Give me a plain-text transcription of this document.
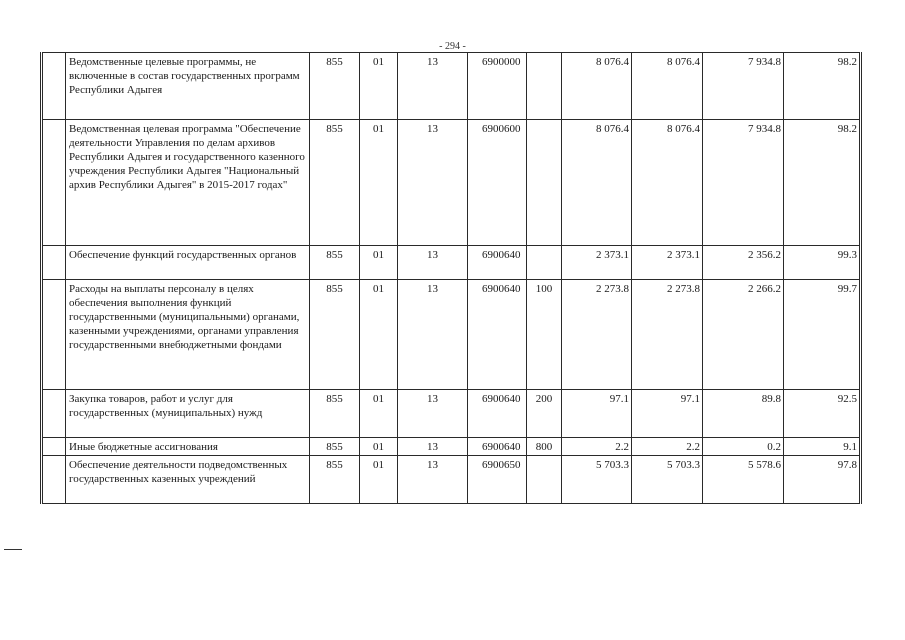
- 294 -
	Ведомственные целевые программы, не включенные в состав государственных программ Республики Адыгея	855	01	13	6900000		8 076.4	8 076.4	7 934.8	98.2
	Ведомственная целевая программа "Обеспечение деятельности Управления по делам архивов Республики Адыгея и государственного казенного учреждения Республики Адыгея "Национальный архив Республики Адыгея" в 2015-2017 годах"	855	01	13	6900600		8 076.4	8 076.4	7 934.8	98.2
	Обеспечение функций государственных органов	855	01	13	6900640		2 373.1	2 373.1	2 356.2	99.3
	Расходы на выплаты персоналу в целях обеспечения выполнения функций государственными (муниципальными) органами, казенными учреждениями, органами управления государственными внебюджетными фондами	855	01	13	6900640	100	2 273.8	2 273.8	2 266.2	99.7
	Закупка товаров, работ и услуг для государственных (муниципальных) нужд	855	01	13	6900640	200	97.1	97.1	89.8	92.5
	Иные бюджетные ассигнования	855	01	13	6900640	800	2.2	2.2	0.2	9.1
	Обеспечение деятельности подведомственных государственных казенных учреждений	855	01	13	6900650		5 703.3	5 703.3	5 578.6	97.8
